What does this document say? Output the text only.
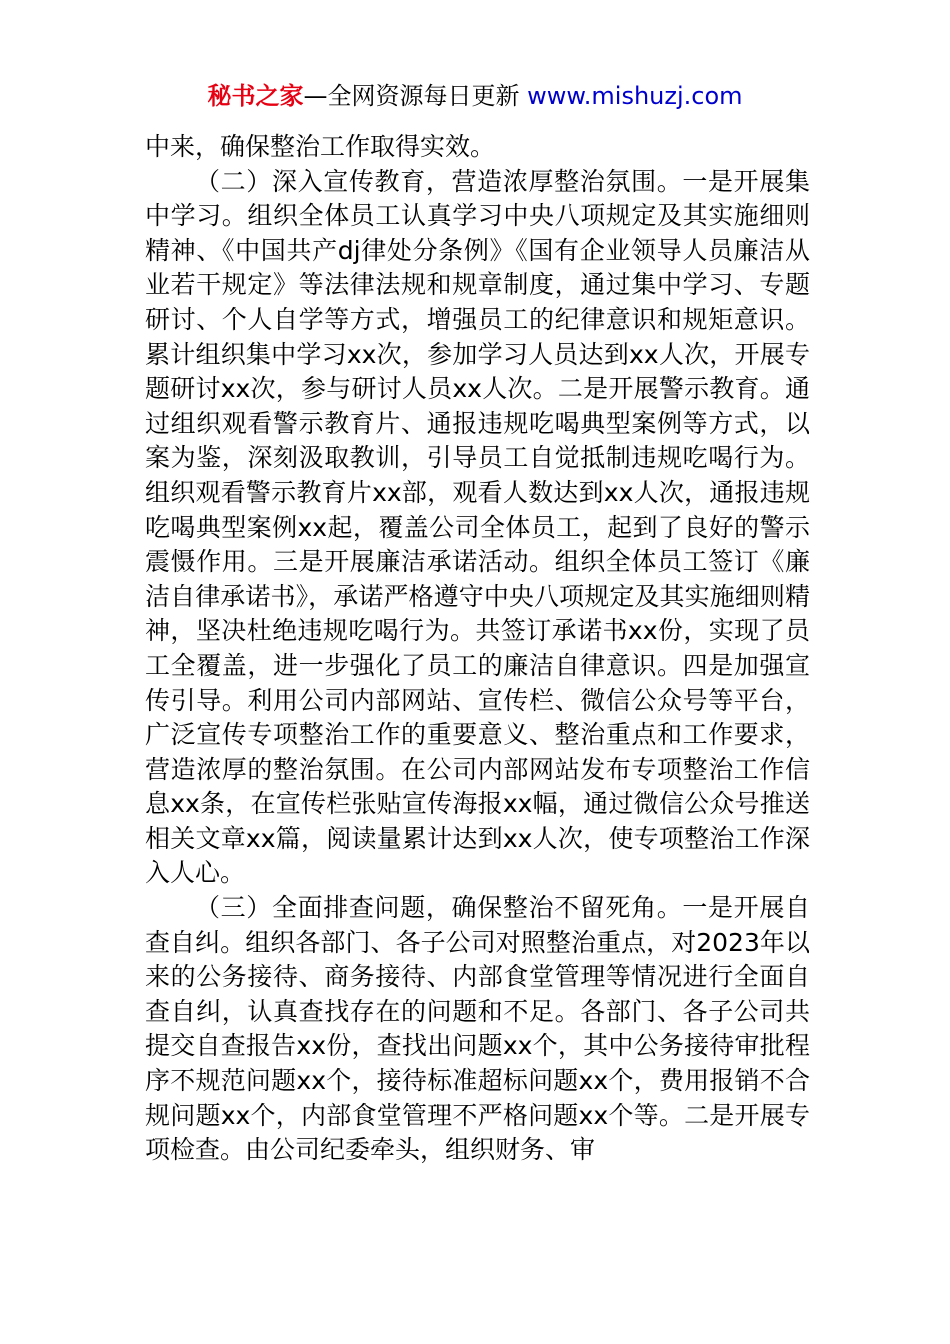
秘书之家—全网资源每日更新 www.mishuzj.com

中来，确保整治工作取得实效。

（二）深入宣传教育，营造浓厚整治氛围。一是开展集中学习。组织全体员工认真学习中央八项规定及其实施细则精神、《中国共产dj律处分条例》《国有企业领导人员廉洁从业若干规定》等法律法规和规章制度，通过集中学习、专题研讨、个人自学等方式，增强员工的纪律意识和规矩意识。累计组织集中学习xx次，参加学习人员达到xx人次，开展专题研讨xx次，参与研讨人员xx人次。二是开展警示教育。通过组织观看警示教育片、通报违规吃喝典型案例等方式，以案为鉴，深刻汲取教训，引导员工自觉抵制违规吃喝行为。组织观看警示教育片xx部，观看人数达到xx人次，通报违规吃喝典型案例xx起，覆盖公司全体员工，起到了良好的警示震慑作用。三是开展廉洁承诺活动。组织全体员工签订《廉洁自律承诺书》，承诺严格遵守中央八项规定及其实施细则精神，坚决杜绝违规吃喝行为。共签订承诺书xx份，实现了员工全覆盖，进一步强化了员工的廉洁自律意识。四是加强宣传引导。利用公司内部网站、宣传栏、微信公众号等平台，广泛宣传专项整治工作的重要意义、整治重点和工作要求，营造浓厚的整治氛围。在公司内部网站发布专项整治工作信息xx条，在宣传栏张贴宣传海报xx幅，通过微信公众号推送相关文章xx篇，阅读量累计达到xx人次，使专项整治工作深入人心。

（三）全面排查问题，确保整治不留死角。一是开展自查自纠。组织各部门、各子公司对照整治重点，对2023年以来的公务接待、商务接待、内部食堂管理等情况进行全面自查自纠，认真查找存在的问题和不足。各部门、各子公司共提交自查报告xx份，查找出问题xx个，其中公务接待审批程序不规范问题xx个，接待标准超标问题xx个，费用报销不合规问题xx个，内部食堂管理不严格问题xx个等。二是开展专项检查。由公司纪委牵头，组织财务、审
